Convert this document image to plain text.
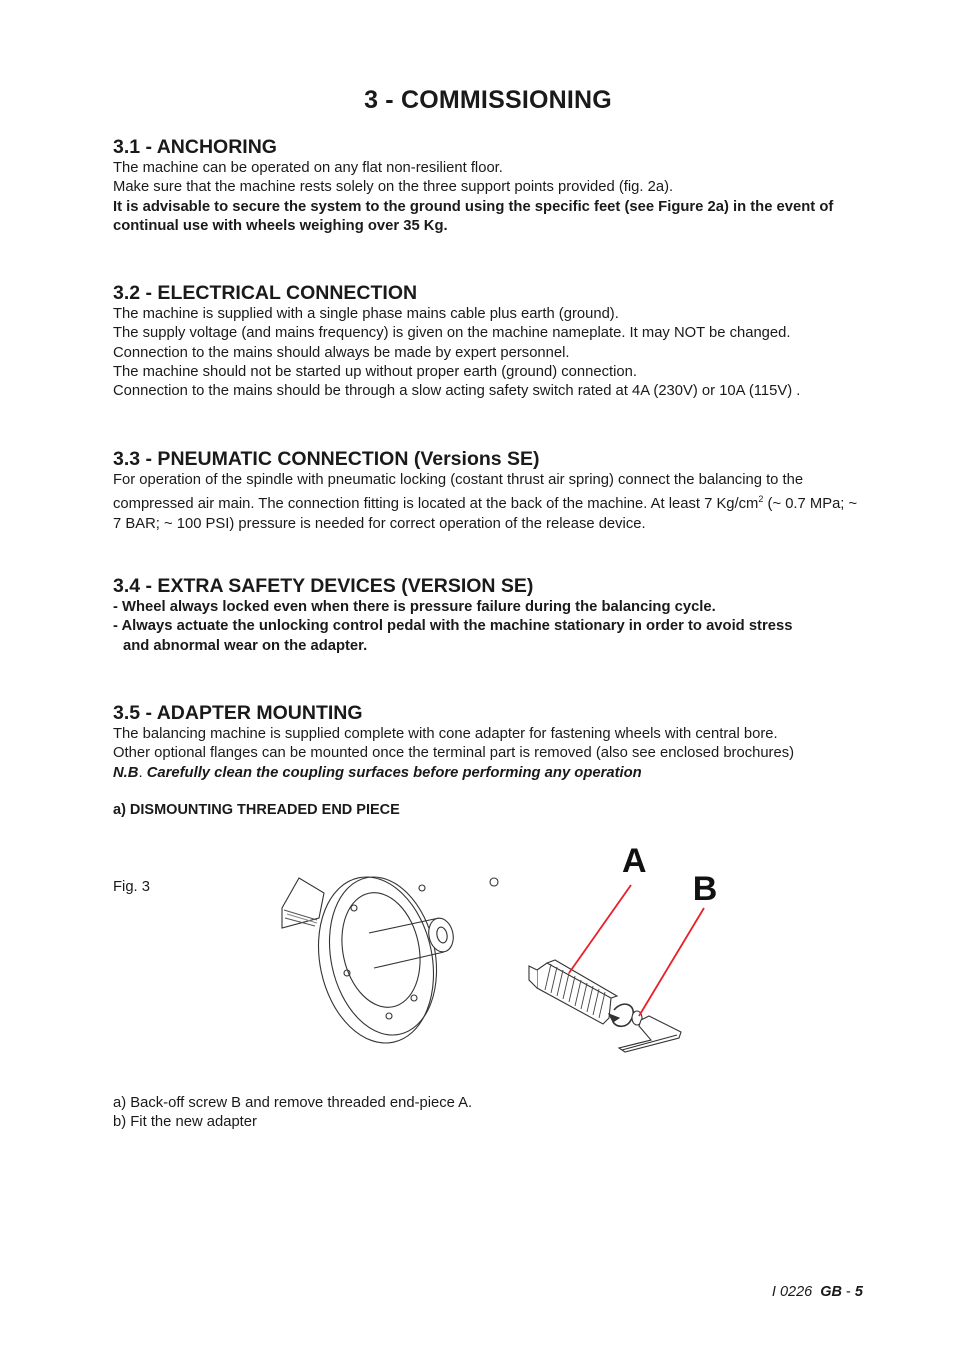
3 - COMMISSIONING
3.1 - ANCHORING

The machine can be operated on any flat non-resilient floor.

Make sure that the machine rests solely on the three support points provided (fig. 2a).

It is advisable to secure the system to the ground using the specific feet (see Figure 2a) in the event of continual use with wheels weighing over 35 Kg.

3.2 - ELECTRICAL CONNECTION

The machine is supplied with a single phase mains cable plus earth (ground).

The supply voltage (and mains frequency) is given on the machine nameplate. It may NOT be changed.

Connection to the mains should always be made by expert personnel.

The machine should not be started up without proper earth (ground) connection.

Connection to the mains should be through a slow acting safety switch rated at 4A (230V) or 10A (115V) .

3.3 - PNEUMATIC CONNECTION (Versions SE)

For operation of the spindle with pneumatic locking (costant thrust air spring) connect the balancing to the compressed air main. The connection fitting is located at the back of the machine. At least 7 $Kg/cm^2$ (~ 0.7 MPa; ~ 7 BAR; ~ 100 PSI) pressure is needed for correct operation of the release device.

3.4 - EXTRA SAFETY DEVICES (VERSION SE)

- Wheel always locked even when there is pressure failure during the balancing cycle.

- Always actuate the unlocking control pedal with the machine stationary in order to avoid stress

and abnormal wear on the adapter.

3.5 - ADAPTER MOUNTING

The balancing machine is supplied complete with cone adapter for fastening wheels with central bore.

Other optional flanges can be mounted once the terminal part is removed (also see enclosed brochures)

N.B. Carefully clean the coupling surfaces before performing any operation

a) DISMOUNTING THREADED END PIECE

Fig. 3

A
B

a) Back-off screw B and remove threaded end-piece A.

b) Fit the new adapter

I 0226 GB - 5
